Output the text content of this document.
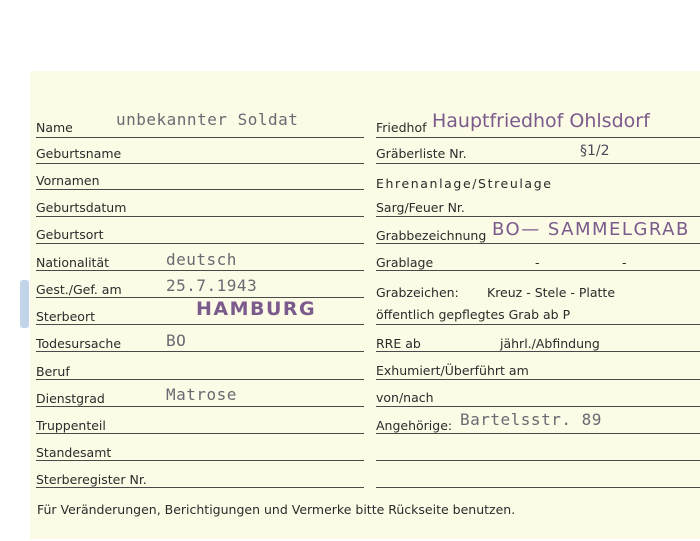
Name	unbekannter Soldat
Geburtsname
Vornamen
Geburtsdatum
Geburtsort
Nationalität	deutsch
Gest./Gef. am	25.7.1943
Sterbeort	HAMBURG
Todesursache	BO
Beruf
Dienstgrad	Matrose
Truppenteil
Standesamt
Sterberegister Nr.
Friedhof Hauptfriedhof Ohlsdorf
Gräberliste Nr.	§1/2
Ehrenanlage/Streulage
Sarg/Feuer Nr.
Grabbezeichnung BO— SAMMELGRAB
Grablage	-	-
Grabzeichen: Kreuz - Stele - Platte
öffentlich gepflegtes Grab ab P
RRE ab	jährl./Abfindung
Exhumiert/Überführt am
von/nach
Angehörige: Bartelsstr. 89
Für Veränderungen, Berichtigungen und Vermerke bitte Rückseite benutzen.
